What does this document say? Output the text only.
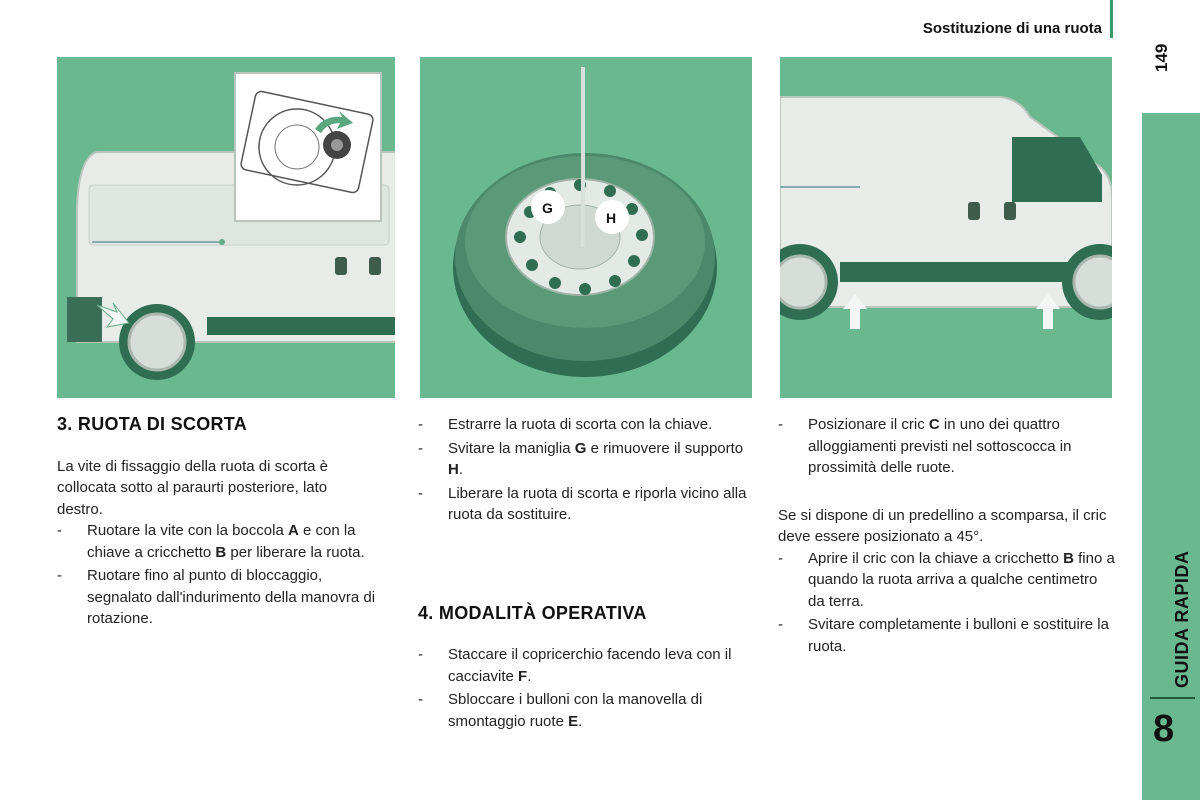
Sostituzione di una ruota
149
GUIDA RAPIDA
8
G
H
3. RUOTA DI SCORTA

La vite di fissaggio della ruota di scorta è collocata sotto al paraurti posteriore, lato destro.

- Ruotare la vite con la boccola A e con la chiave a cricchetto B per liberare la ruota.
- Ruotare fino al punto di bloccaggio, segnalato dall'indurimento della manovra di rotazione.
- Estrarre la ruota di scorta con la chiave.
- Svitare la maniglia G e rimuovere il supporto H.
- Liberare la ruota di scorta e riporla vicino alla ruota da sostituire.
4. MODALITÀ OPERATIVA
- Staccare il copricerchio facendo leva con il cacciavite F.
- Sbloccare i bulloni con la manovella di smontaggio ruote E.
- Posizionare il cric C in uno dei quattro alloggiamenti previsti nel sottoscocca in prossimità delle ruote.

Se si dispone di un predellino a scomparsa, il cric deve essere posizionato a 45°.

- Aprire il cric con la chiave a cricchetto B fino a quando la ruota arriva a qualche centimetro da terra.
- Svitare completamente i bulloni e sostituire la ruota.
